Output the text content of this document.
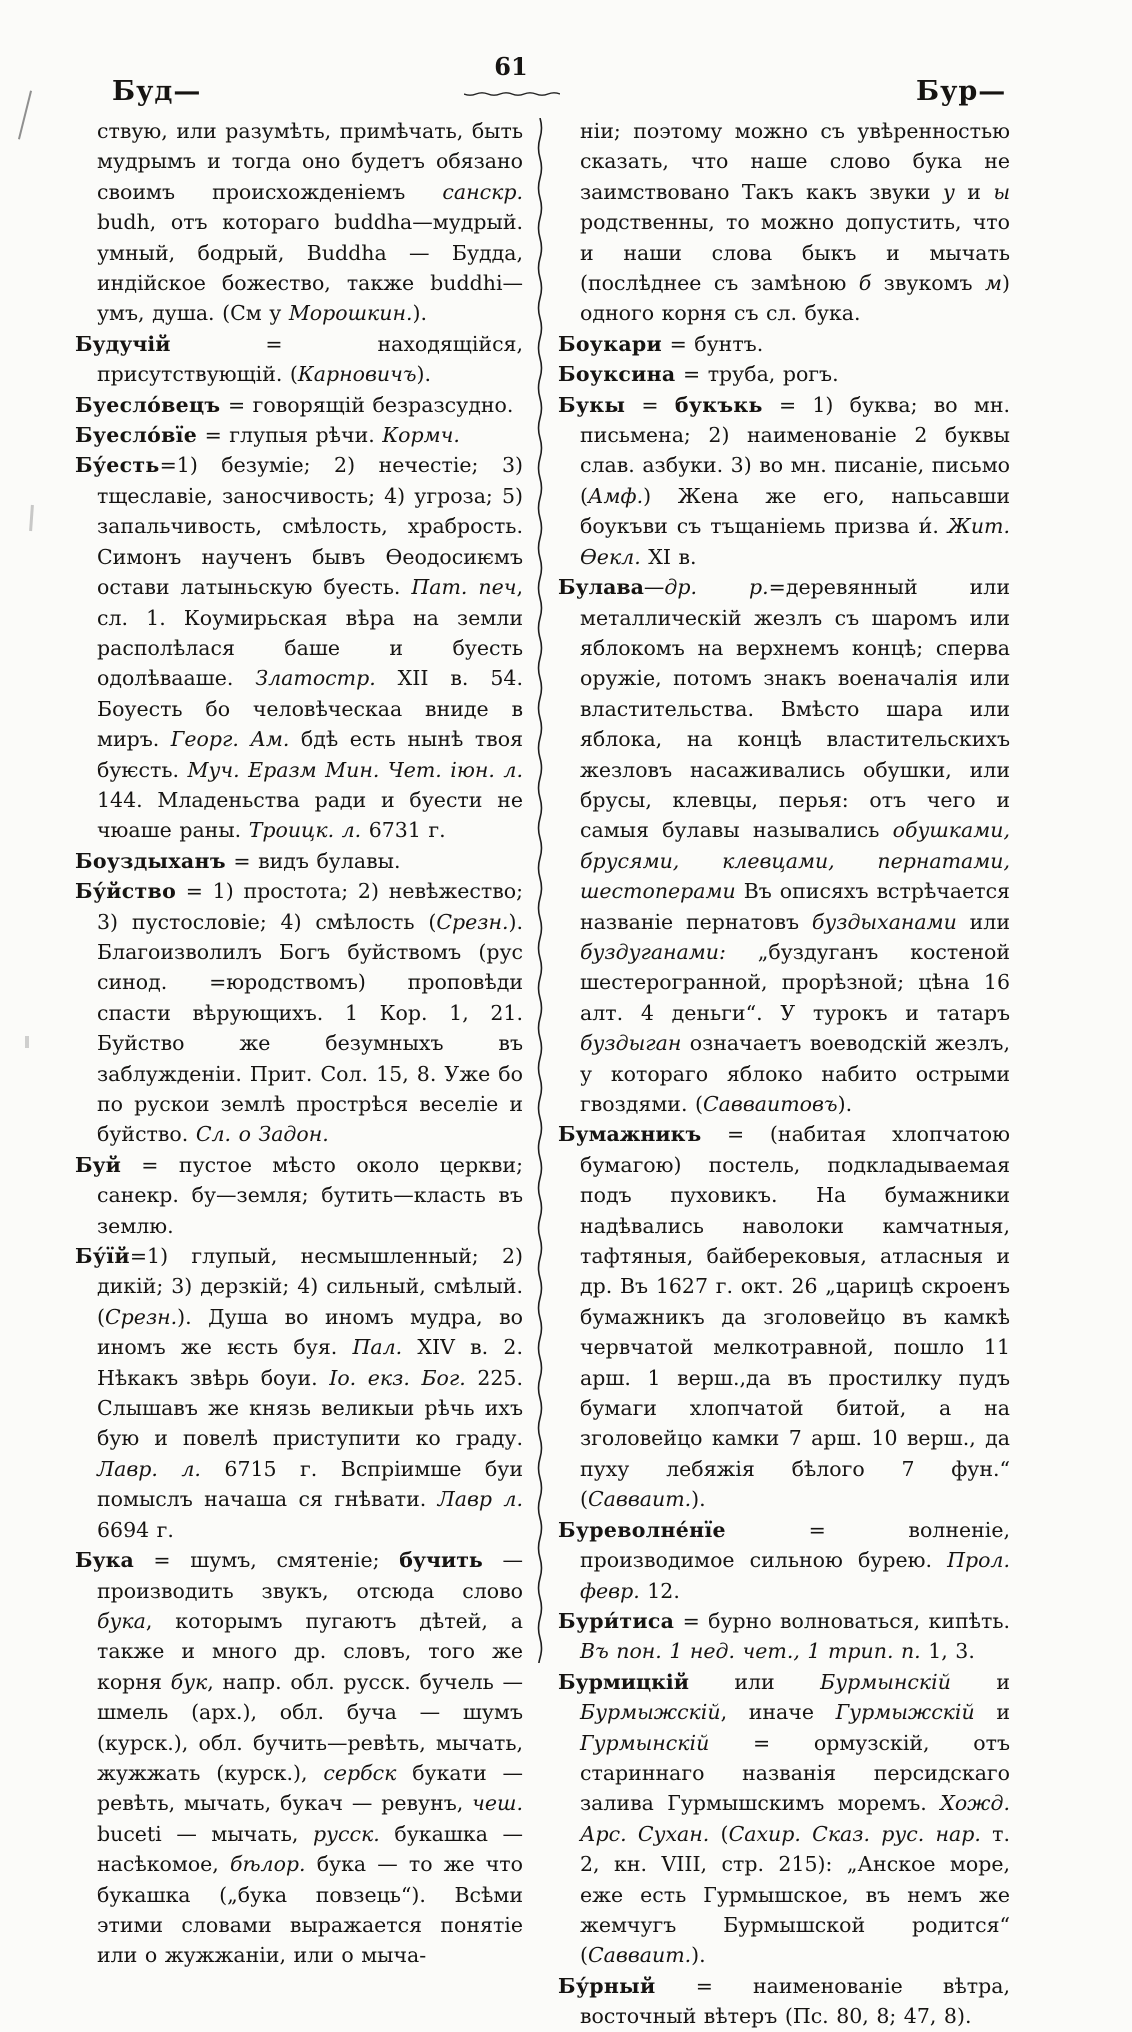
61
Буд—	Бур—

ствую, или разумѣть, примѣчать, быть мудрымъ и тогда оно будетъ обязано своимъ происхожденіемъ санскр. budh, отъ котораго buddha—мудрый. умный, бодрый, Buddha — Будда, индійское божество, также buddhi—умъ, душа. (См у Морошкин.).

Будучій = находящійся, присутствующій. (Карновичъ).

Буесло́вецъ = говорящій безразсудно.

Буесло́вїе = глупыя рѣчи. Кормч.

Бу́есть=1) безуміе; 2) нечестіе; 3) тщеславіе, заносчивость; 4) угроза; 5) запальчивость, смѣлость, храбрость. Симонъ наученъ бывъ Ѳеодосиѥмъ остави латыньскую буесть. Пат. печ, сл. 1. Коумирьская вѣра на земли располѣлася баше и буесть одолѣвааше. Златостр. XII в. 54. Боуесть бо человѣческаа вниде в миръ. Георг. Ам. бдѣ есть нынѣ твоя буѥсть. Муч. Еразм Мин. Чет. іюн. л. 144. Младеньства ради и буести не чюаше раны. Троицк. л. 6731 г.

Боуздыханъ = видъ булавы.

Бу́йство = 1) простота; 2) невѣжество; 3) пустословіе; 4) смѣлость (Срезн.). Благоизволилъ Богъ буйствомъ (рус синод. =юродствомъ) проповѣди спасти вѣрующихъ. 1 Кор. 1, 21. Буйство же безумныхъ въ заблужденіи. Прит. Сол. 15, 8. Уже бо по рускои землѣ прострѣся веселіе и буйство. Сл. о Задон.

Буй = пустое мѣсто около церкви; санекр. бу—земля; бутить—класть въ землю.

Бу́їй=1) глупый, несмышленный; 2) дикій; 3) дерзкій; 4) сильный, смѣлый. (Срезн.). Душа во иномъ мудра, во иномъ же ѥсть буя. Пал. XIV в. 2. Нѣкакъ звѣрь боуи. Іо. екз. Бог. 225. Слышавъ же князь великыи рѣчь ихъ бую и повелѣ приступити ко граду. Лавр. л. 6715 г. Вспріимше буи помыслъ начаша ся гнѣвати. Лавр л. 6694 г.

Бука = шумъ, смятеніе; бучить — производить звукъ, отсюда слово бука, которымъ пугаютъ дѣтей, а также и много др. словъ, того же корня бук, напр. обл. русск. бучель — шмель (арх.), обл. буча — шумъ (курск.), обл. бучить—ревѣть, мычать, жужжать (курск.), сербск букати — ревѣть, мычать, букач — ревунъ, чеш. buceti — мычать, русск. букашка — насѣкомое, бѣлор. бука — то же что букашка („бука повзець“). Всѣми этими словами выражается понятіе или о жужжаніи, или о мыча-

ніи; поэтому можно съ увѣренностью сказать, что наше слово бука не заимствовано Такъ какъ звуки у и ы родственны, то можно допустить, что и наши слова быкъ и мычать (послѣднее съ замѣною б звукомъ м) одного корня съ сл. бука.

Боукари = бунтъ.

Боуксина = труба, рогъ.

Букы = букъкь = 1) буква; во мн. письмена; 2) наименованіе 2 буквы слав. азбуки. 3) во мн. писаніе, письмо (Амф.) Жена же его, напьсавши боукъви съ тъщаніемь призва и́. Жит. Ѳекл. XI в.

Булава—др. р.=деревянный или металлическій жезлъ съ шаромъ или яблокомъ на верхнемъ концѣ; сперва оружіе, потомъ знакъ военачалія или властительства. Вмѣсто шара или яблока, на концѣ властительскихъ жезловъ насаживались обушки, или брусы, клевцы, перья: отъ чего и самыя булавы назывались обушками, брусями, клевцами, пернатами, шестоперами Въ описяхъ встрѣчается названіе пернатовъ буздыханами или буздуганами: „буздуганъ костеной шестерогранной, прорѣзной; цѣна 16 алт. 4 деньги“. У турокъ и татаръ буздыган означаетъ воеводскій жезлъ, у котораго яблоко набито острыми гвоздями. (Савваитовъ).

Бумажникъ = (набитая хлопчатою бумагою) постель, подкладываемая подъ пуховикъ. На бумажники надѣвались наволоки камчатныя, тафтяныя, байберековыя, атласныя и др. Въ 1627 г. окт. 26 „царицѣ скроенъ бумажникъ да зголовейцо въ камкѣ червчатой мелкотравной, пошло 11 арш. 1 верш.,да въ простилку пудъ бумаги хлопчатой битой, а на зголовейцо камки 7 арш. 10 верш., да пуху лебяжія бѣлого 7 фун.“ (Савваит.).

Буреволне́нїе = волненіе, производимое сильною бурею. Прол. февр. 12.

Бури́тиса = бурно волноваться, кипѣть. Въ пон. 1 нед. чет., 1 трип. п. 1, 3.

Бурмицкій или Бурмынскій и Бурмыжскій, иначе Гурмыжскій и Гурмынскій = ормузскій, отъ стариннаго названія персидскаго залива Гурмышскимъ моремъ. Хожд. Арс. Сухан. (Сахир. Сказ. рус. нар. т. 2, кн. VIII, стр. 215): „Анское море, еже есть Гурмышское, въ немъ же жемчугъ Бурмышской родится“ (Савваит.).

Бу́рный = наименованіе вѣтра, восточный вѣтеръ (Пс. 80, 8; 47, 8).
